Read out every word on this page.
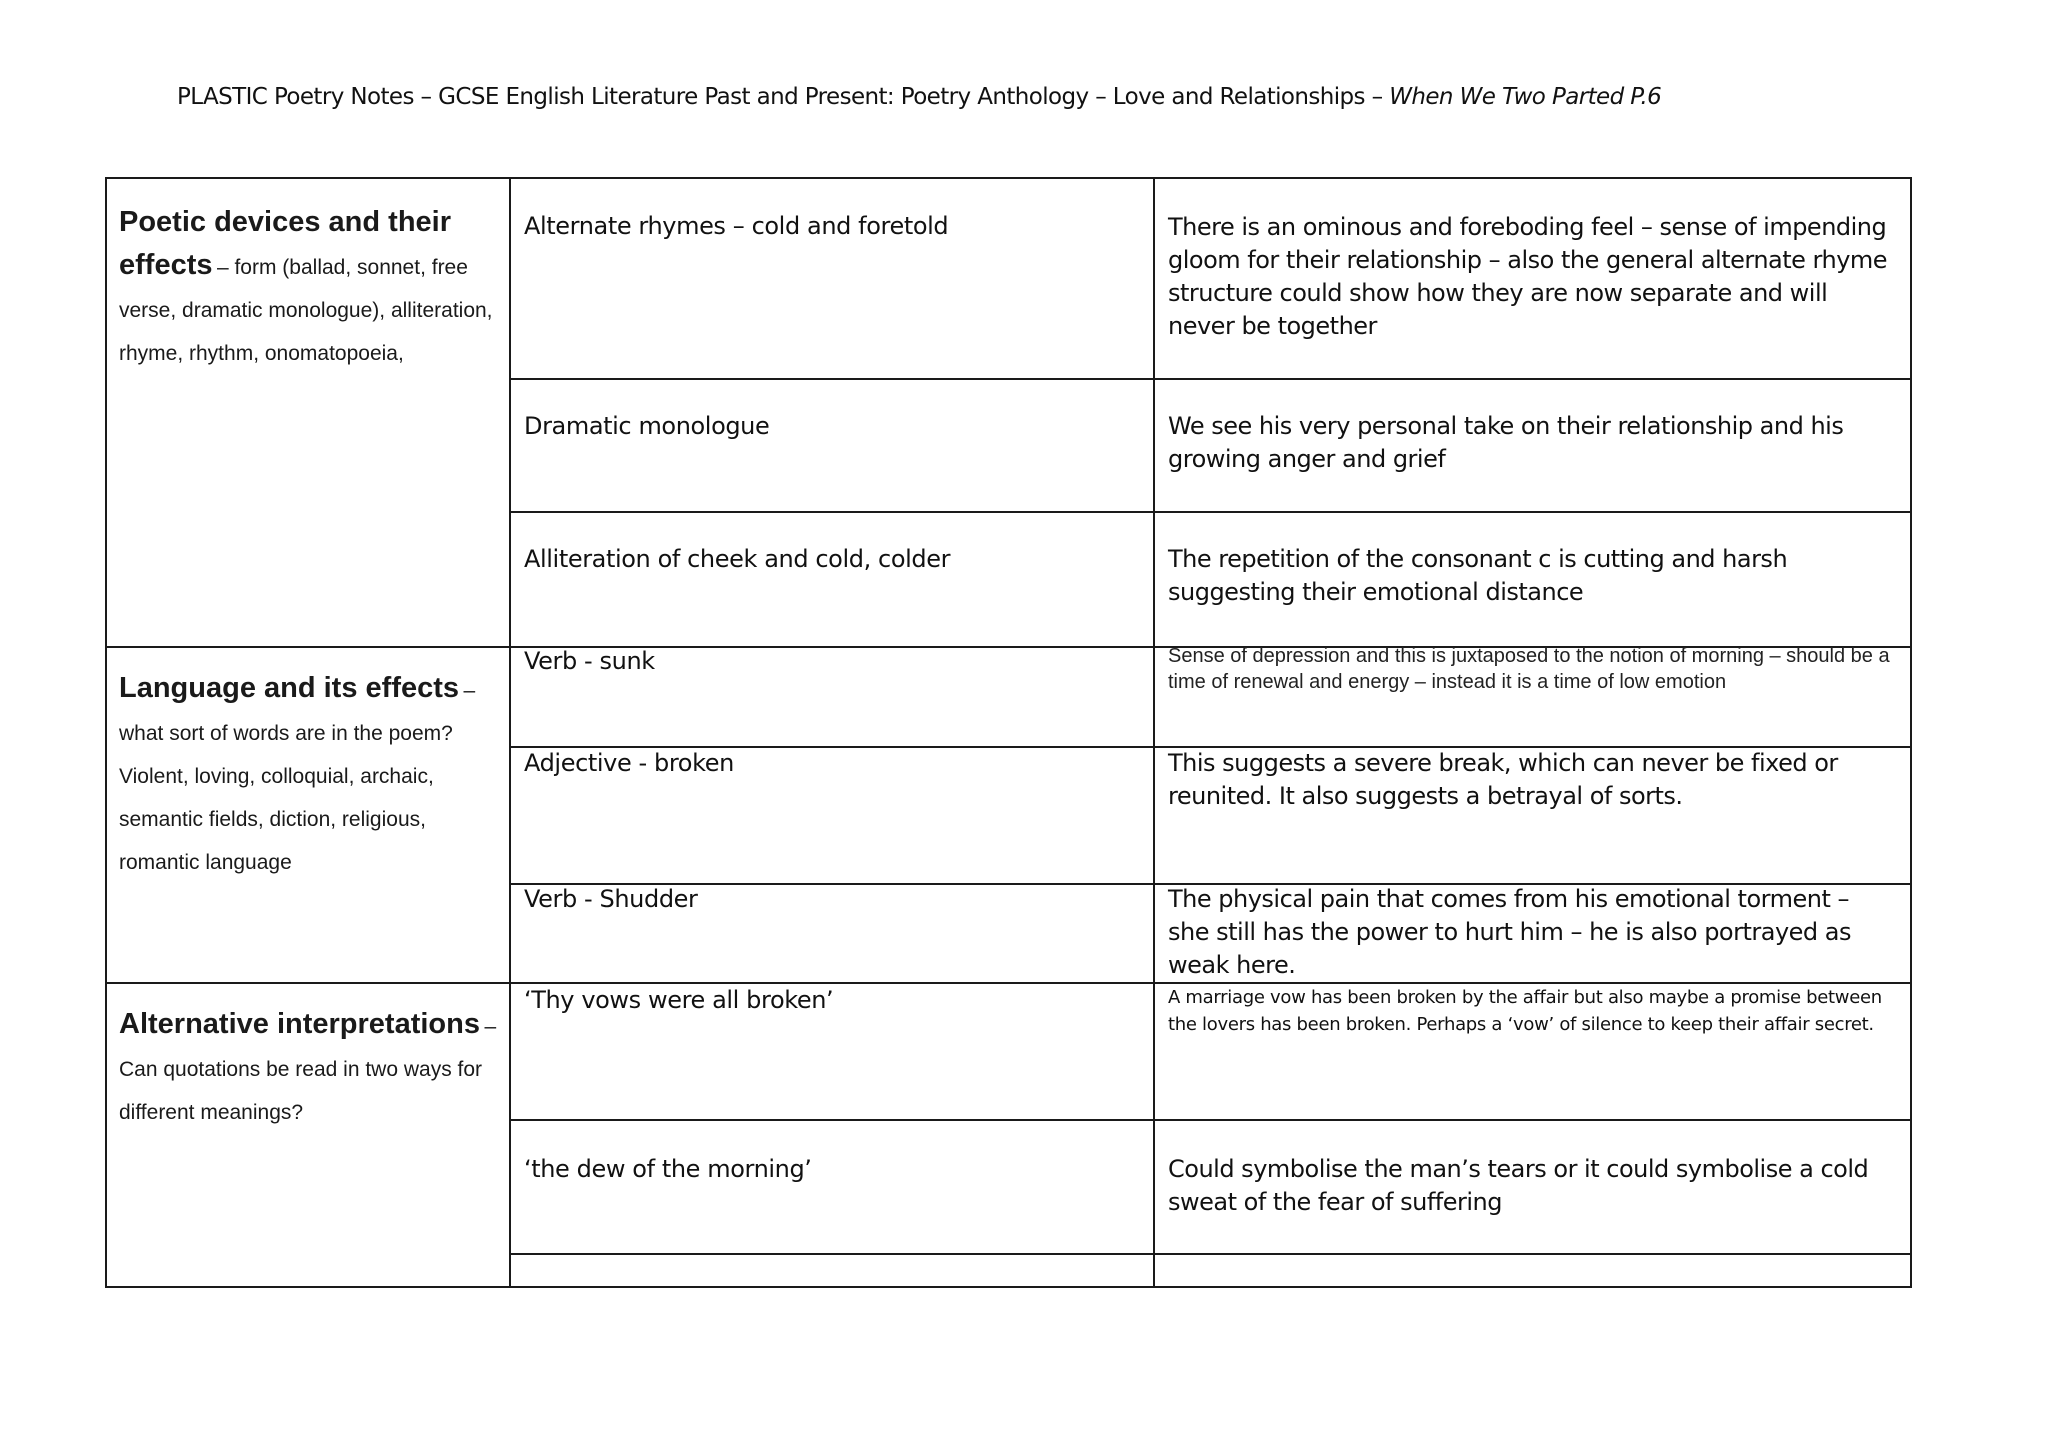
PLASTIC Poetry Notes – GCSE English Literature Past and Present: Poetry Anthology – Love and Relationships – When We Two Parted P.6
Poetic devices and their effects – form (ballad, sonnet, free verse, dramatic monologue), alliteration, rhyme, rhythm, onomatopoeia,
Alternate rhymes – cold and foretold	There is an ominous and foreboding feel – sense of impending gloom for their relationship – also the general alternate rhyme structure could show how they are now separate and will never be together
Dramatic monologue	We see his very personal take on their relationship and his growing anger and grief
Alliteration of cheek and cold, colder	The repetition of the consonant c is cutting and harsh suggesting their emotional distance
Language and its effects – what sort of words are in the poem? Violent, loving, colloquial, archaic, semantic fields, diction, religious, romantic language
Verb - sunk	Sense of depression and this is juxtaposed to the notion of morning – should be a time of renewal and energy – instead it is a time of low emotion
Adjective - broken	This suggests a severe break, which can never be fixed or reunited. It also suggests a betrayal of sorts.
Verb - Shudder	The physical pain that comes from his emotional torment – she still has the power to hurt him – he is also portrayed as weak here.
Alternative interpretations – Can quotations be read in two ways for different meanings?
‘Thy vows were all broken’	A marriage vow has been broken by the affair but also maybe a promise between the lovers has been broken. Perhaps a ‘vow’ of silence to keep their affair secret.
‘the dew of the morning’	Could symbolise the man’s tears or it could symbolise a cold sweat of the fear of suffering
